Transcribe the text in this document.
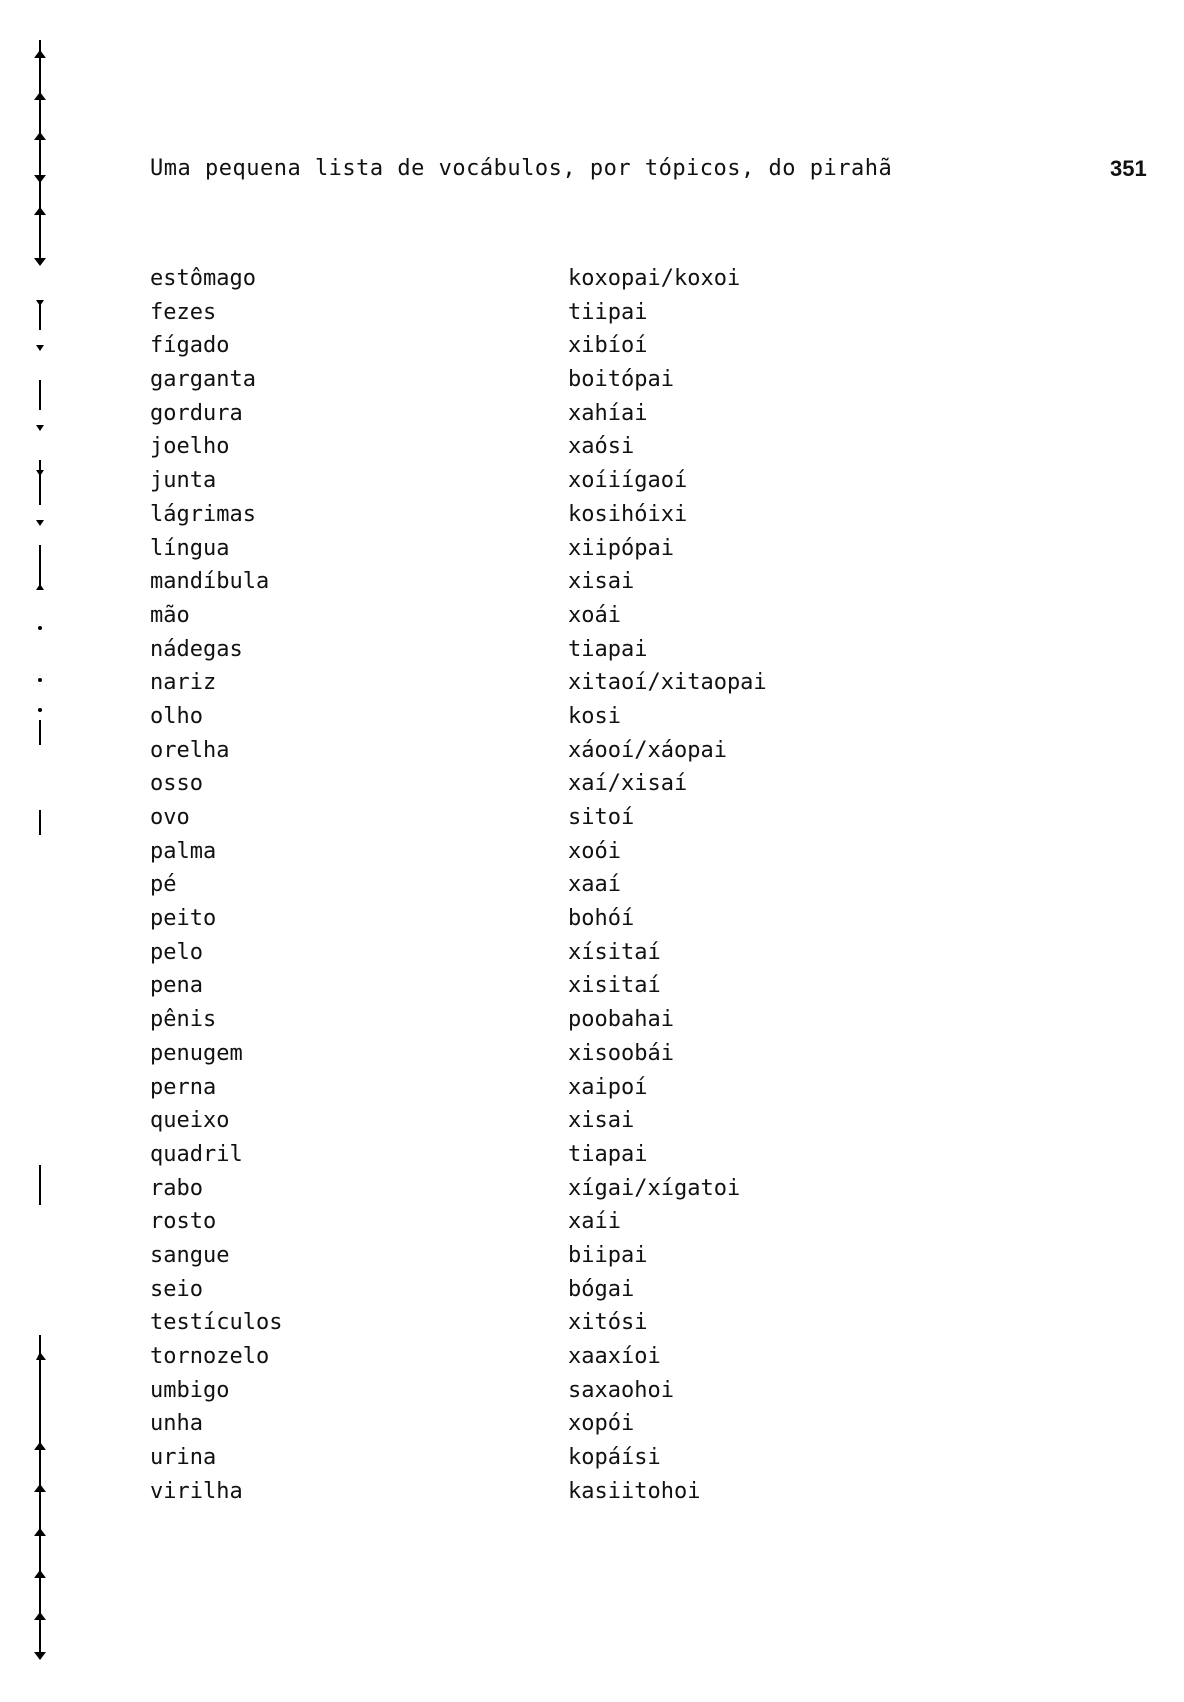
Uma pequena lista de vocábulos, por tópicos, do pirahã	351
estômago	koxopai/koxoi
fezes	tiipai
fígado	xibíoí
garganta	boitópai
gordura	xahíai
joelho	xaósi
junta	xoíiígaoí
lágrimas	kosihóixi
língua	xiipópai
mandíbula	xisai
mão	xoái
nádegas	tiapai
nariz	xitaoí/xitaopai
olho	kosi
orelha	xáooí/xáopai
osso	xaí/xisaí
ovo	sitoí
palma	xoói
pé	xaaí
peito	bohóí
pelo	xísitaí
pena	xisitaí
pênis	poobahai
penugem	xisoobái
perna	xaipoí
queixo	xisai
quadril	tiapai
rabo	xígai/xígatoi
rosto	xaíi
sangue	biipai
seio	bógai
testículos	xitósi
tornozelo	xaaxíoi
umbigo	saxaohoi
unha	xopói
urina	kopáísi
virilha	kasiitohoi
